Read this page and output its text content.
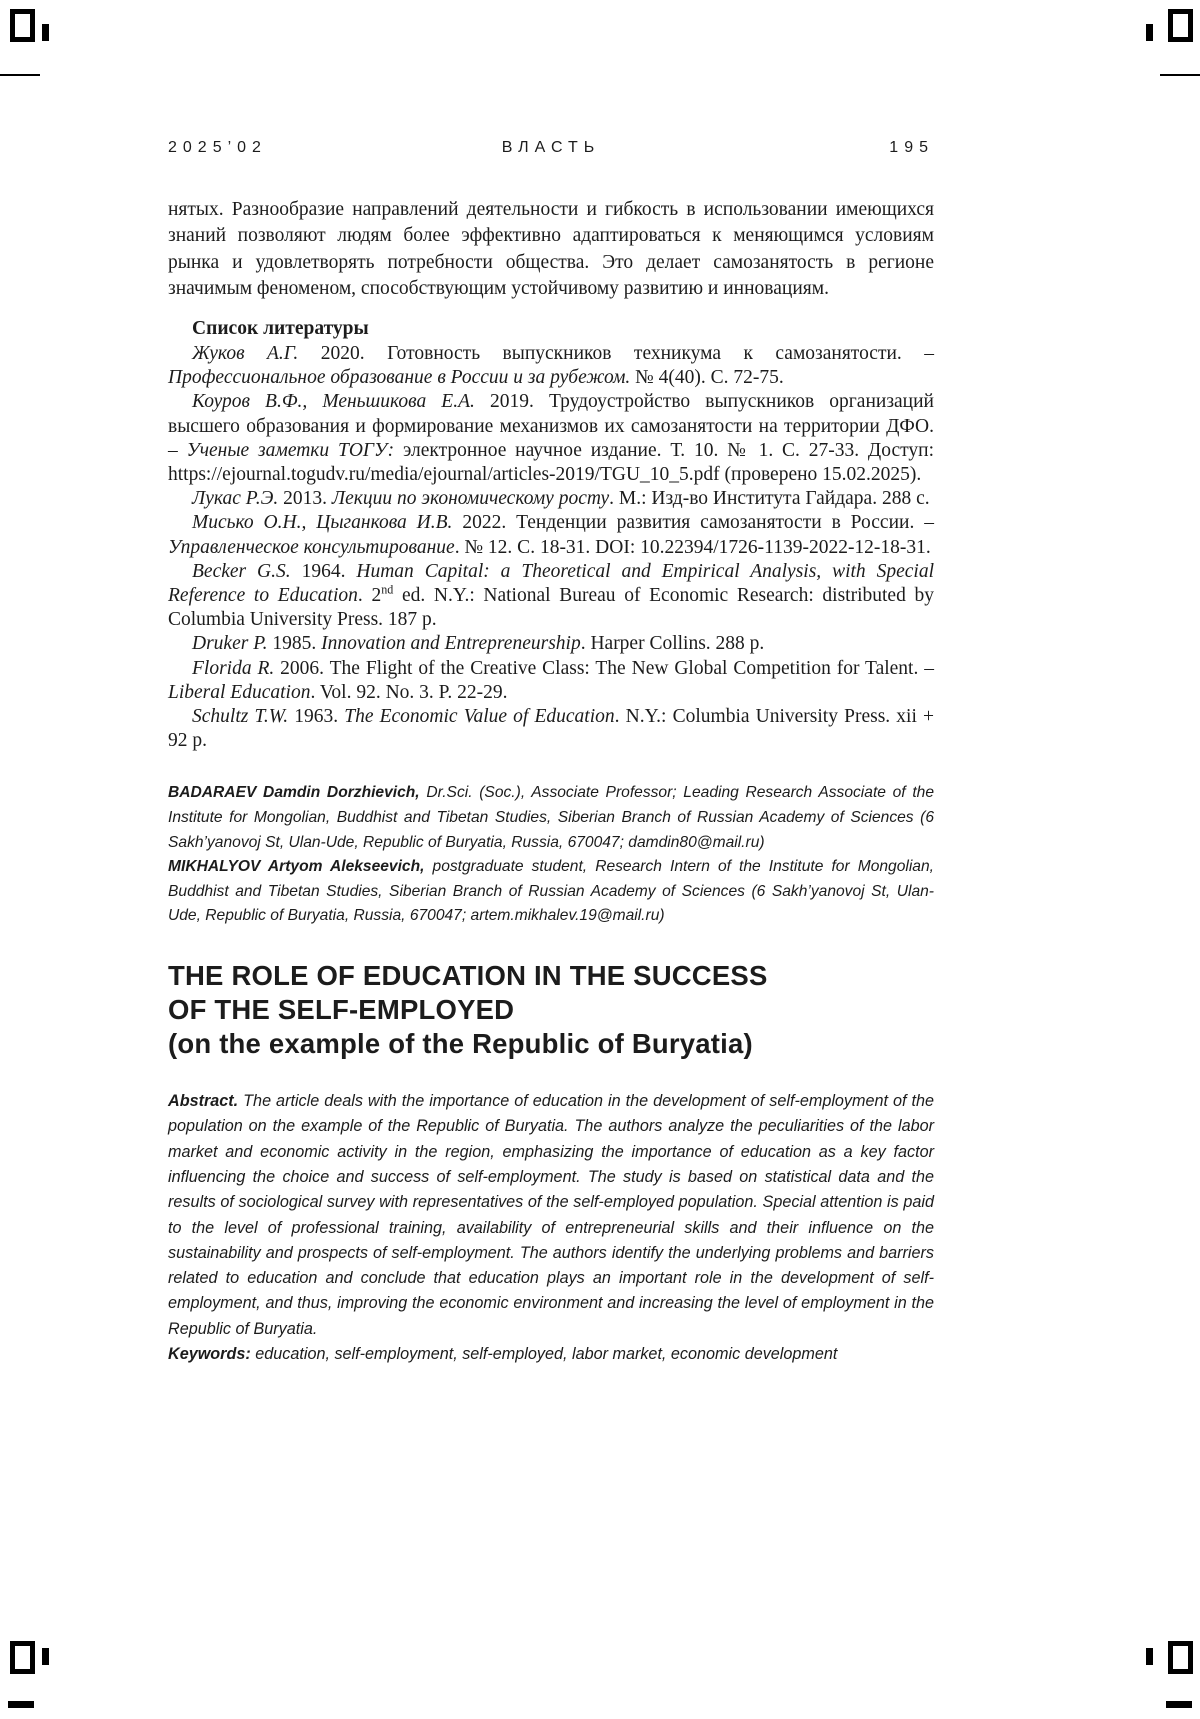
2025’02	ВЛАСТЬ	195

нятых. Разнообразие направлений деятельности и гибкость в использовании имеющихся знаний позволяют людям более эффективно адаптироваться к меняющимся условиям рынка и удовлетворять потребности общества. Это делает самозанятость в регионе значимым феноменом, способствующим устойчивому развитию и инновациям.

Список литературы

Жуков А.Г. 2020. Готовность выпускников техникума к самозанятости. – Профессиональное образование в России и за рубежом. № 4(40). С. 72-75.

Коуров В.Ф., Меньшикова Е.А. 2019. Трудоустройство выпускников организаций высшего образования и формирование механизмов их самозанятости на территории ДФО. – Ученые заметки ТОГУ: электронное научное издание. Т. 10. № 1. С. 27-33. Доступ: https://ejournal.togudv.ru/media/ejournal/articles-2019/TGU_10_5.pdf (проверено 15.02.2025).

Лукас Р.Э. 2013. Лекции по экономическому росту. М.: Изд-во Института Гайдара. 288 с.

Мисько О.Н., Цыганкова И.В. 2022. Тенденции развития самозанятости в России. – Управленческое консультирование. № 12. С. 18-31. DOI: 10.22394/1726-1139-2022-12-18-31.

Becker G.S. 1964. Human Capital: a Theoretical and Empirical Analysis, with Special Reference to Education. 2nd ed. N.Y.: National Bureau of Economic Research: distributed by Columbia University Press. 187 p.

Druker P. 1985. Innovation and Entrepreneurship. Harper Collins. 288 p.

Florida R. 2006. The Flight of the Creative Class: The New Global Competition for Talent. – Liberal Education. Vol. 92. No. 3. P. 22-29.

Schultz T.W. 1963. The Economic Value of Education. N.Y.: Columbia University Press. xii + 92 p.

BADARAEV Damdin Dorzhievich, Dr.Sci. (Soc.), Associate Professor; Leading Research Associate of the Institute for Mongolian, Buddhist and Tibetan Studies, Siberian Branch of Russian Academy of Sciences (6 Sakh’yanovoj St, Ulan-Ude, Republic of Buryatia, Russia, 670047; damdin80@mail.ru)

MIKHALYOV Artyom Alekseevich, postgraduate student, Research Intern of the Institute for Mongolian, Buddhist and Tibetan Studies, Siberian Branch of Russian Academy of Sciences (6 Sakh’yanovoj St, Ulan-Ude, Republic of Buryatia, Russia, 670047; artem.mikhalev.19@mail.ru)

THE ROLE OF EDUCATION IN THE SUCCESS
OF THE SELF-EMPLOYED
(on the example of the Republic of Buryatia)

Abstract. The article deals with the importance of education in the development of self-employment of the population on the example of the Republic of Buryatia. The authors analyze the peculiarities of the labor market and economic activity in the region, emphasizing the importance of education as a key factor influencing the choice and success of self-employment. The study is based on statistical data and the results of sociological survey with representatives of the self-employed population. Special attention is paid to the level of professional training, availability of entrepreneurial skills and their influence on the sustainability and prospects of self-employment. The authors identify the underlying problems and barriers related to education and conclude that education plays an important role in the development of self-employment, and thus, improving the economic environment and increasing the level of employment in the Republic of Buryatia.

Keywords: education, self-employment, self-employed, labor market, economic development
